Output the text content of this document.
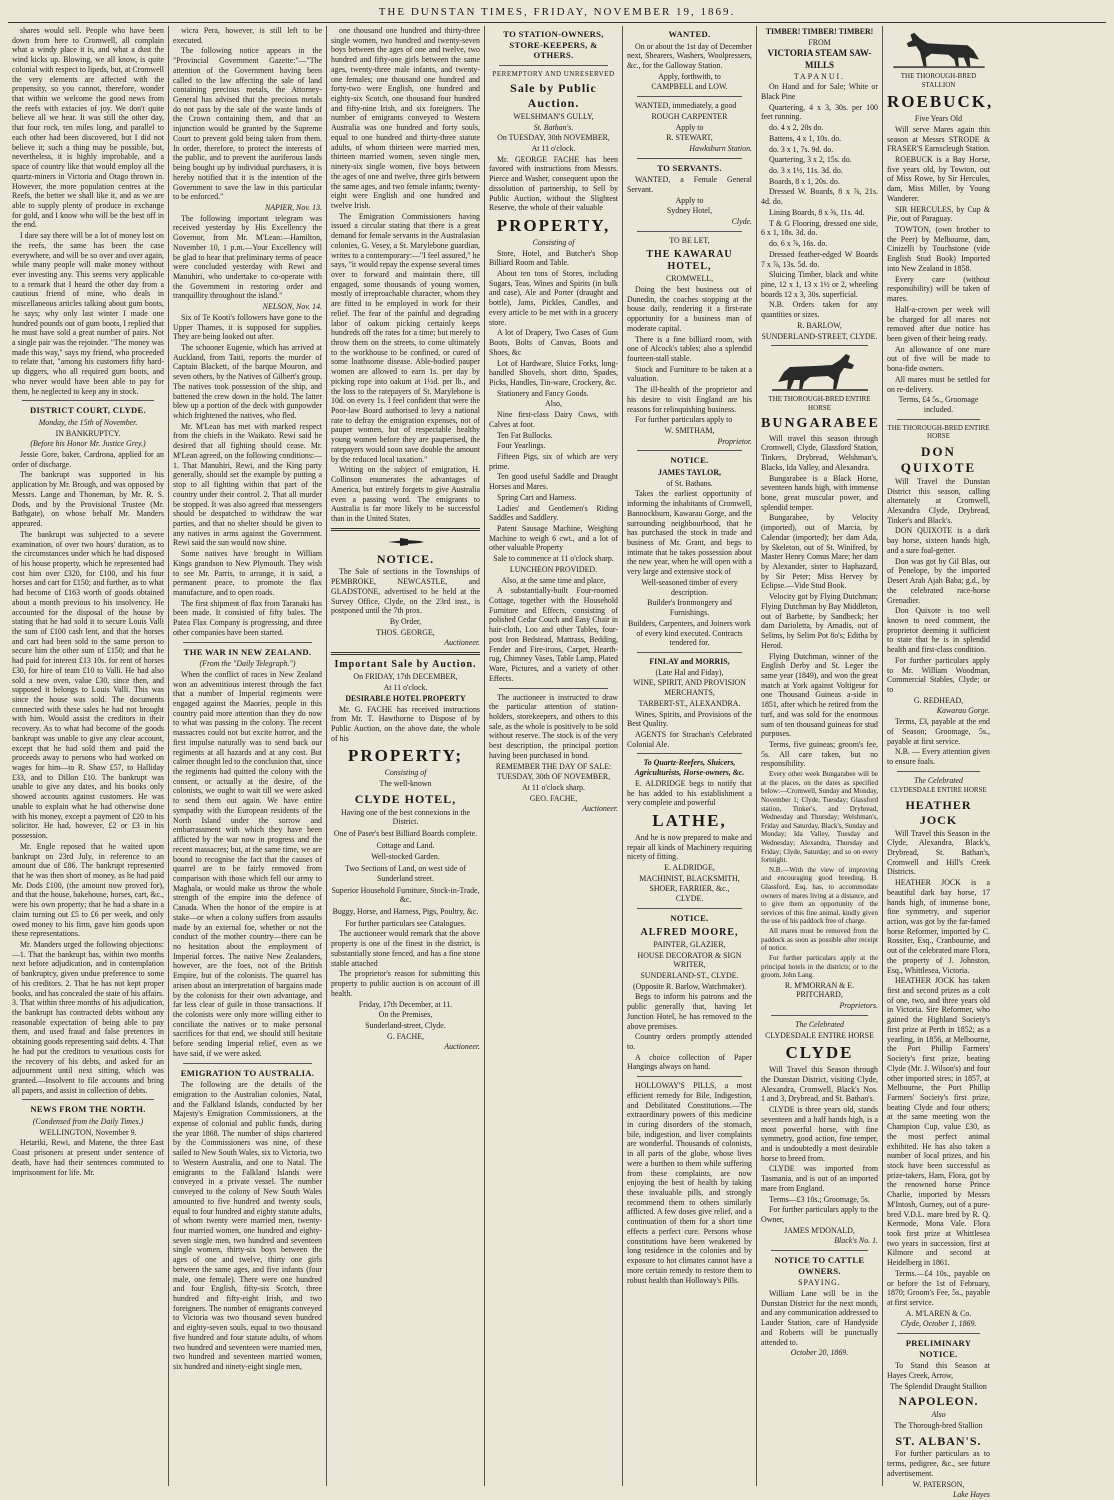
THE DUNSTAN TIMES, FRIDAY, NOVEMBER 19, 1869.

shares would sell. People who have been down from here to Cromwell, all complain what a windy place it is, and what a dust the wind kicks up. Blowing, we all know, is quite colonial with respect to lipeds, but, at Cromwell the very elements are affected with the propensity, so you cannot, therefore, wonder that within we welcome the good news from the reefs with extacies of joy. We don't quite believe all we hear. It was still the other day, that four rock, ten miles long, and parallel to each other had been discovered, but I did not believe it; such a thing may be possible, but, nevertheless, it is highly improbable, and a space of country like that would employ all the quartz-miners in Victoria and Otago thrown in. However, the more population centres at the Reefs, the better we shall like it, and as we are able to supply plenty of produce in exchange for gold, and I know who will be the best off in the end.

I dare say there will be a lot of money lost on the reefs, the same has been the case everywhere, and will be so over and over again, while many people will make money without ever investing any. This seems very applicable to a remark that I heard the other day from a cautious friend of mine, who deals in miscellaneous articles talking about gum boots, he says; why only last winter I made one hundred pounds out of gum boots, I replied that he must have sold a great number of pairs. Not a single pair was the rejoinder. "The money was made this way," says my friend, who proceeded to relate that, "among his customers fifty hard-up diggers, who all required gum boots, and who never would have been able to pay for them, he neglected to keep any in stock.

DISTRICT COURT, CLYDE.
Monday, the 15th of November.
IN BANKRUPTCY.
(Before his Honor Mr. Justice Grey.)

Jessie Gore, baker, Cardrona, applied for an order of discharge.

The bankrupt was supported in his application by Mr. Brough, and was opposed by Messrs. Lange and Thoneman, by Mr. R. S. Dods, and by the Provisional Trustee (Mr. Bathgate), on whose behalf Mr. Manders appeared.

The bankrupt was subjected to a severe examination, of over two hours' duration, as to the circumstances under which he had disposed of his house property, which he represented had cost him over £320, for £100, and his four horses and cart for £150; and further, as to what had become of £163 worth of goods obtained about a month previous to his insolvency. He accounted for the disposal of the house by stating that he had sold it to secure Louis Valli the sum of £100 cash lent, and that the horses and cart had been sold to the same person to secure him the other sum of £150; and that he had paid for interest £13 10s. for rent of horses £30, for hire of team £10 to Valli. He had also sold a new oven, value £30, since then, and supposed it belongs to Louis Valli. This was since the house was sold. The documents connected with these sales he had not brought with him. Would assist the creditors in their recovery. As to what had become of the goods bankrupt was unable to give any clear account, except that he had sold them and paid the proceeds away to persons who had worked on wages for him—to R. Shaw £57, to Halliday £33, and to Dillon £10. The bankrupt was unable to give any dates, and his books only showed accounts against customers. He was unable to explain what he had otherwise done with his money, except a payment of £20 to his solicitor. He had, however, £2 or £3 in his possession.

Mr. Engle reposed that he waited upon bankrupt on 23rd July, in reference to an amount due of £86. The bankrupt represented that he was then short of money, as he had paid Mr. Dods £100, (the amount now proved for), and that the house, bakehouse, horses, cart, &c., were his own property; that he had a share in a claim turning out £5 to £6 per week, and only owed money to his firm, gave him goods upon these representations.

Mr. Manders urged the following objections:—1. That the bankrupt has, within two months next before adjudication, and in contemplation of bankruptcy, given undue preference to some of his creditors. 2. That he has not kept proper books, and has concealed the state of his affairs. 3. That within three months of his adjudication, the bankrupt has contracted debts without any reasonable expectation of being able to pay them, and used fraud and false pretences in obtaining goods representing said debts. 4. That he had put the creditors to vexatious costs for the recovery of his debts, and asked for an adjournment until next sitting, which was granted.—Insolvent to file accounts and bring all papers, and assist in collection of debts.

NEWS FROM THE NORTH.
(Condensed from the Daily Times.)
WELLINGTON, November 9.

Hetariki, Rewi, and Matene, the three East Coast prisoners at present under sentence of death, have had their sentences commuted to imprisonment for life. Mr.

wicra Pera, however, is still left to be executed.

The following notice appears in the "Provincial Government Gazette:"—"The attention of the Government having been called to the law affecting the sale of land containing precious metals, the Attorney-General has advised that the precious metals do not pass by the sale of the waste lands of the Crown containing them, and that an injunction would be granted by the Supreme Court to prevent gold being taken from them. In order, therefore, to protect the interests of the public, and to prevent the auriferous lands being bought up by individual purchasers, it is hereby notified that it is the intention of the Government to save the law in this particular to be enforced."

NAPIER, Nov. 13.

The following important telegram was received yesterday by His Excellency the Governor, from Mr. M'Lean:—Hamilton, November 10, 1 p.m.—Your Excellency will be glad to hear that preliminary terms of peace were concluded yesterday with Rewi and Manuhiri, who undertake to co-operate with the Government in restoring order and tranquillity throughout the island."

NELSON, Nov. 14.

Six of Te Kooti's followers have gone to the Upper Thames, it is supposed for supplies. They are being looked out after.

The schooner Eugenie, which has arrived at Auckland, from Taiti, reports the murder of Captain Blackett, of the barque Mouron, and seven others, by the Natives of Gilbert's group. The natives took possession of the ship, and battened the crew down in the hold. The latter blew up a portion of the deck with gunpowder which frightened the natives, who fled.

Mr. M'Lean has met with marked respect from the chiefs in the Waikato. Rewi said he desired that all fighting should cease. Mr. M'Lean agreed, on the following conditions:—1. That Manuhiri, Rewi, and the King party generally, should set the example by putting a stop to all fighting within that part of the country under their control. 2. That all murder be stopped. It was also agreed that messengers should be despatched to withdraw the war parties, and that no shelter should be given to any natives in arms against the Government. Rewi said the sun would now shine.

Some natives have brought in William Kings grandson to New Plymouth. They wish to see Mr. Parris, to arrange, it is said, a permanent peace, to promote the flax manufacture, and to open roads.

The first shipment of flax from Taranaki has been made. It consisted of fifty bales. The Patea Flax Company is progressing, and three other companies have been started.

THE WAR IN NEW ZEALAND.
(From the "Daily Telegraph.")

When the conflict of races in New Zealand won an adventitious interest through the fact that a number of Imperial regiments were engaged against the Maories, people in this country paid more attention than they do now to what was passing in the colony. The recent massacres could not but excite horror, and the first impulse naturally was to send back our regiments at all hazards and at any cost. But calmer thought led to the conclusion that, since the regiments had quitted the colony with the consent, or actually at the desire, of the colonists, we ought to wait till we were asked to send them out again. We have entire sympathy with the European residents of the North Island under the sorrow and embarrassment with which they have been afflicted by the war now in progress and the recent massacres; but, at the same time, we are bound to recognise the fact that the causes of quarrel are to be fairly removed from comparison with those which fell our army to Maghala, or would make us throw the whole strength of the empire into the defence of Canada. When the honor of the empire is at stake—or when a colony suffers from assaults made by an external foe, whether or not the conduct of the mother country—there can be no hesitation about the employment of Imperial forces. The native New Zealanders, however, are the foes, not of the British Empire, but of the colonists. The quarrel has arisen about an interpretation of bargains made by the colonists for their own advantage, and far less clear of guile in those transactions. If the colonists were only more willing either to conciliate the natives or to make personal sacrifices for that end, we should still hesitate before sending Imperial relief, even as we have said, if we were asked.

EMIGRATION TO AUSTRALIA.

The following are the details of the emigration to the Australian colonies, Natal, and the Falkland Islands, conducted by her Majesty's Emigration Commissioners, at the expense of colonial and public funds, during the year 1868. The number of ships chartered by the Commissioners was nine, of these sailed to New South Wales, six to Victoria, two to Western Australia, and one to Natal. The emigrants to the Falkland Islands were conveyed in a private vessel. The number conveyed to the colony of New South Wales amounted to five hundred and twenty souls, equal to four hundred and eighty statute adults, of whom twenty were married men, twenty-four married women, one hundred and eighty-seven single men, two hundred and seventeen single women, thirty-six boys between the ages of one and twelve, thirty one girls between the same ages, and five infants (four male, one female). There were one hundred and four English, fifty-six Scotch, three hundred and fifty-eight Irish, and two foreigners. The number of emigrants conveyed to Victoria was two thousand seven hundred and eighty-seven souls, equal to two thousand five hundred and four statute adults, of whom two hundred and seventeen were married men, two hundred and seventeen married women, six hundred and ninety-eight single men,

one thousand one hundred and thirty-three single women, two hundred and twenty-seven boys between the ages of one and twelve, two hundred and fifty-one girls between the same ages, twenty-three male infants, and twenty-one females; one thousand one hundred and forty-two were English, one hundred and eighty-six Scotch, one thousand four hundred and fifty-nine Irish, and six foreigners. The number of emigrants conveyed to Western Australia was one hundred and forty souls, equal to one hundred and thirty-three statute adults, of whom thirteen were married men, thirteen married women, seven single men, ninety-six single women, five boys between the ages of one and twelve, three girls between the same ages, and two female infants; twenty-eight were English and one hundred and twelve Irish.

The Emigration Commissioners having issued a circular stating that there is a great demand for female servants in the Australasian colonies, G. Vesey, a St. Marylebone guardian, writes to a contemporary:—"I feel assured," he says, "it would repay the expense several times over to forward and maintain there, till engaged, some thousands of young women, mostly of irreproachable character, whom they are fitted to be employed in work for their relief. The fear of the painful and degrading labor of oakum picking certainly keeps hundreds off the rates for a time; but merely to throw them on the streets, to come ultimately to the workhouse to be confined, or cured of some loathsome disease. Able-bodied pauper women are allowed to earn 1s. per day by picking rope into oakum at 1½d. per lb., and the loss to the ratepayers of St. Marylebone is 10d. on every 1s. I feel confident that were the Poor-law Board authorised to levy a national rate to defray the emigration expenses, not of pauper women, but of respectable healthy young women before they are pauperised, the ratepayers would soon save double the amount by the reduced local taxation."

Writing on the subject of emigration, H. Collinson enumerates the advantages of America, but entirely forgets to give Australia even a passing word. The emigrants to Australia is far more likely to be successful than in the United States.

NOTICE.

The Sale of sections in the Townships of PEMBROKE, NEWCASTLE, and GLADSTONE, advertised to be held at the Survey Office, Clyde, on the 23rd inst., is postponed until the 7th prox.

By Order,
THOS. GEORGE,
Auctioneer.
Important Sale by Auction.
On FRIDAY, 17th DECEMBER,
At 11 o'clock.
DESIRABLE HOTEL PROPERTY

Mr. G. FACHE has received instructions from Mr. T. Hawthorne to Dispose of by Public Auction, on the above date, the whole of his

PROPERTY;
Consisting of
The well-known
CLYDE HOTEL,
Having one of the best connexions in the District.
One of Paser's best Billiard Boards complete.
Cottage and Land.
Well-stocked Garden.
Two Sections of Land, on west side of Sunderland street.
Superior Household Furniture, Stock-in-Trade, &c.
Buggy, Horse, and Harness, Pigs, Poultry, &c.
For further particulars see Catalogues.

The auctioneer would remark that the above property is one of the finest in the district, is substantially stone fenced, and has a fine stone stable attached

The proprietor's reason for submitting this property to public auction is on account of ill health.

Friday, 17th December, at 11.
On the Premises,
Sunderland-street, Clyde.
G. FACHE,
Auctioneer.
TO STATION-OWNERS, STORE-KEEPERS, & OTHERS.
PEREMPTORY AND UNRESERVED
Sale by Public Auction.
WELSHMAN'S GULLY,
St. Bathan's.
On TUESDAY, 30th NOVEMBER,
At 11 o'clock.

Mr. GEORGE FACHE has been favored with instructions from Messrs. Pierce and Washer, consequent upon the dissolution of partnership, to Sell by Public Auction, without the Slightest Reserve, the whole of their valuable

PROPERTY,
Consisting of

Store, Hotel, and Butcher's Shop Billiard Room and Table.

About ten tons of Stores, including Sugars, Teas, Wines and Spirits (in bulk and case), Ale and Porter (draught and bottle), Jams, Pickles, Candles, and every article to be met with in a grocery store.

A lot of Drapery, Two Cases of Gum Boots, Bolts of Canvas, Boots and Shoes, &c

Lot of Hardware, Sluice Forks, long-handled Shovels, short ditto, Spades, Picks, Handles, Tin-ware, Crockery, &c.

Stationery and Fancy Goods.

Also,

Nine first-class Dairy Cows, with Calves at foot.

Ten Fat Bullocks.

Four Yearlings.

Fifteen Pigs, six of which are very prime.

Ten good useful Saddle and Draught Horses and Mares.

Spring Cart and Harness.

Ladies' and Gentlemen's Riding Saddles and Saddlery.

Patent Sausage Machine, Weighing Machine to weigh 6 cwt., and a lot of other valuable Property

Sale to commence at 11 o'clock sharp.
LUNCHEON PROVIDED.
Also, at the same time and place,

A substantially-built Four-roomed Cottage, together with the Household Furniture and Effects, consisting of polished Cedar Couch and Easy Chair in hair-cloth, Loo and other Tables, four-post Iron Bedstead, Mattrass, Bedding, Fender and Fire-irons, Carpet, Hearth-rug, Chimney Vases, Table Lamp, Plated Ware, Pictures, and a variety of other Effects.

The auctioneer is instructed to draw the particular attention of station-holders, storekeepers, and others to this sale, as the whole is positively to be sold without reserve. The stock is of the very best description, the principal portion having been purchased in bond.

REMEMBER THE DAY OF SALE:
TUESDAY, 30th OF NOVEMBER,
At 11 o'clock sharp.
GEO. FACHE,
Auctioneer.
WANTED.

On or about the 1st day of December next, Shearers, Washers, Woolpressers, &c., for the Galloway Station.

Apply, forthwith, to
CAMPBELL and LOW.

WANTED, immediately, a good

ROUGH CARPENTER
Apply to
R. STEWART,
Hawksburn Station.
TO SERVANTS.

WANTED, a Female General Servant.

Apply to
Sydney Hotel,
Clyde.
TO BE LET,
THE KAWARAU HOTEL,
CROMWELL,

Doing the best business out of Dunedin, the coaches stopping at the house daily, rendering it a first-rate opportunity for a business man of moderate capital.

There is a fine billiard room, with one of Alcock's tables; also a splendid fourteen-stall stable.

Stock and Furniture to be taken at a valuation.

The ill-health of the proprietor and his desire to visit England are his reasons for relinquishing business.

For further particulars apply to

W. SMITHAM,
Proprietor.
NOTICE.
JAMES TAYLOR,
of St. Bathans.

Takes the earliest opportunity of informing the inhabitants of Cromwell, Bannockburn, Kawarau Gorge, and the surrounding neighbourhood, that he has purchased the stock in trade and business of Mr. Grant, and begs to intimate that he takes possession about the new year, when he will open with a very large and extensive stock of

Well-seasoned timber of every description.
Builder's Ironmongery and Furnishings.
Builders, Carpenters, and Joiners work of every kind executed. Contracts tendered for.
FINLAY and MORRIS,
(Late Hal and Fiday),
WINE, SPIRIT, AND PROVISION MERCHANTS,
TARBERT-ST., ALEXANDRA.

Wines, Spirits, and Provisions of the Best Quality.

AGENTS for Strachan's Celebrated Colonial Ale.

To Quartz-Reefers, Sluicers, Agriculturists, Horse-owners, &c.

E. ALDRIDGE begs to notify that he has added to his establishment a very complete and powerful

LATHE,

And he is now prepared to make and repair all kinds of Machinery requiring nicety of fitting.

E. ALDRIDGE,
MACHINIST, BLACKSMITH, SHOER, FARRIER, &c.,
CLYDE.
NOTICE.
ALFRED MOORE,
PAINTER, GLAZIER,
HOUSE DECORATOR & SIGN WRITER,
SUNDERLAND-ST., CLYDE.
(Opposite R. Barlow, Watchmaker).

Begs to inform his patrons and the public generally that, having let Junction Hotel, he has removed to the above premises.

Country orders promptly attended to.

A choice collection of Paper Hangings always on hand.

HOLLOWAY'S PILLS, a most efficient remedy for Bile, Indigestion, and Debilitated Constitutions.—The extraordinary powers of this medicine in curing disorders of the stomach, bile, indigestion, and liver complaints are wonderful. Thousands of colonists, in all parts of the globe, whose lives were a burthen to them while suffering from these complaints, are now enjoying the best of health by taking these invaluable pills, and strongly recommend them to others similarly afflicted. A few doses give relief, and a continuation of them for a short time effects a perfect cure. Persons whose constitutions have been weakened by long residence in the colonies and by exposure to hot climates cannot have a more certain remedy to restore them to robust health than Holloway's Pills.

TIMBER! TIMBER! TIMBER!
FROM
VICTORIA STEAM SAW-MILLS
TAPANUI.

On Hand and for Sale; White or Black Pine

Quartering, 4 x 3, 30s. per 100 feet running.

do. 4 x 2, 20s do.

Battens, 4 x 1, 10s. do.

do. 3 x 1, 7s. 9d. do.

Quartering, 3 x 2, 15s. do.

do. 3 x 1½, 11s. 3d. do.

Boards, 8 x 1, 20s. do.

Dressed W. Boards, 8 x ⅞, 21s. 4d. do.

Lining Boards, 8 x ⅝, 11s. 4d.

T & G Flooring, dressed one side, 6 x 1, 18s. 3d. do.

do. 6 x ⅞, 16s. do.

Dressed feather-edged W Boards 7 x ⅞, 13s. 5d. do.

Sluicing Timber, black and white pine, 12 x 1, 13 x 1½ or 2, wheeling boards 12 x 3, 30s. superficial.

N.B. Orders taken for any quantities or sizes.

R. BARLOW,
SUNDERLAND-STREET, CLYDE.
THE THOROUGH-BRED ENTIRE HORSE
BUNGARABEE

Will travel this season through Cromwell, Clyde, Glassford Station, Tinkers, Drybread, Welshman's, Blacks, Ida Valley, and Alexandra.

Bungarabee is a Black Horse, seventeen hands high, with immense bone, great muscular power, and splendid temper.

Bungarabee, by Velocity (imported), out of Marcia, by Calendar (imported); her dam Ada, by Skeleton, out of St. Winifred, by Master Henry Comus Mare; her dam by Alexander, sister to Haphazard, by Sir Peter; Miss Hervey by Eclipse.—Vide Stud Book.

Velocity got by Flying Dutchman; Flying Dutchman by Bay Middleton, out of Barbette, by Sandbeck; her dam Darioletta, by Amadis, out of Selims, by Selim Pot 8o's; Editha by Herod.

Flying Dutchman, winner of the English Derby and St. Leger the same year (1849), and won the great match at York against Voltigeur for one Thousand Guineas a-side in 1851, after which he retired from the turf, and was sold for the enormous sum of ten thousand guineas for stud purposes.

Terms, five guineas; groom's fee, 5s. All care taken, but no responsibility.

Every other week Bungarabee will be at the places, on the dates as specified below:—Cromwell, Sunday and Monday, November 1; Clyde, Tuesday; Glassford station, Tinker's, and Drybread, Wednesday and Thursday; Welshman's, Friday and Saturday, Black's, Sunday and Monday; Ida Valley, Tuesday and Wednesday; Alexandra, Thursday and Friday; Clyde, Saturday; and so on every fortnight.

N.B.—With the view of improving and encouraging good breeding, H. Glassford, Esq. has, to accommodate owners of mares living at a distance, and to give them an opportunity of the services of this fine animal, kindly given the use of his paddock free of charge.

All mares must be removed from the paddock as soon as possible after receipt of notice.

For further particulars apply at the principal hotels in the districts; or to the groom, John Lang.

R. M'MORRAN & E. PRITCHARD,
Proprietors.
The Celebrated
CLYDESDALE ENTIRE HORSE
CLYDE

Will Travel this Season through the Dunstan District, visiting Clyde, Alexandra, Cromwell, Black's Nos. 1 and 3, Drybread, and St. Bathan's.

CLYDE is three years old, stands seventeen and a half hands high, is a most powerful horse, with fine symmetry, good action, fine temper, and is undoubtedly a most desirable horse to breed from.

CLYDE was imported from Tasmania, and is out of an imported mare from England.

Terms—£3 10s.; Groomage, 5s.

For further particulars apply to the Owner,

JAMES M'DONALD,
Black's No. 1.
NOTICE TO CATTLE OWNERS.
SPAYING.

William Lane will be in the Dunstan District for the next month, and any communication addressed to Lauder Station, care of Handyside and Roberts will be punctually attended to.

October 20, 1869.
THE THOROUGH-BRED STALLION
ROEBUCK,
Five Years Old

Will serve Mares again this season at Messrs STRODE & FRASER'S Earnscleugh Station.

ROEBUCK is a Bay Horse, five years old, by Towton, out of Miss Rowe, by Sir Hercules, dam, Miss Miller, by Young Wanderer.

SIR HERCULES, by Cup & Pie, out of Paraguay.

TOWTON, (own brother to the Peer) by Melbourne, dam, Cinizelli by Touchstone (vide English Stud Book) Imported into New Zealand in 1858.

Every care (without responsibility) will be taken of mares.

Half-a-crown per week will be charged for all mares not removed after due notice has been given of their being ready.

An allowance of one mare out of five will be made to bona-fide owners.

All mares must be settled for on re-delivery.

Terms, £4 5s., Groomage included.
THE THOROUGH-BRED ENTIRE HORSE
DON QUIXOTE

Will Travel the Dunstan District this season, calling alternately at Cromwell, Alexandra Clyde, Drybread, Tinker's and Black's.

DON QUIXOTE is a dark bay horse, sixteen hands high, and a sure foal-getter.

Don was got by Gil Blas, out of Penelope, by the imported Desert Arab Ajah Baba; g.d., by the celebrated race-horse Grenadier.

Don Quixote is too well known to need comment, the proprietor deeming it sufficient to state that he is in splendid health and first-class condition.

For further particulars apply to Mr. William Woodman, Commercial Stables, Clyde; or to

G. REDHEAD,
Kawarau Gorge.

Terms, £3, payable at the end of Season; Groomage, 5s., payable at first service.

N.B. — Every attention given to ensure foals.

The Celebrated
CLYDESDALE ENTIRE HORSE
HEATHER JOCK

Will Travel this Season in the Clyde, Alexandra, Black's, Drybread, St. Bathan's, Cromwell and Hill's Creek Districts.

HEATHER JOCK is a beautiful dark bay horse, 17 hands high, of immense bone, fine symmetry, and superior action, was got by the far-famed horse Reformer, imported by C. Rossiter, Esq., Cranbourne, and out of the celebrated mare Flora, the property of J. Johnston, Esq., Whittlesea, Victoria.

HEATHER JOCK has taken first and second prizes as a colt of one, two, and three years old in Victoria. Sire Reformer, who gained the Highland Society's first prize at Perth in 1852; as a yearling, in 1856, at Melbourne, the Port Phillip Farmers' Society's first prize, beating Clyde (Mr. J. Wilson's) and four other imported sires; in 1857, at Melbourne, the Port Phillip Farmers' Society's first prize, beating Clyde and four others; at the same meeting won the Champion Cup, value £30, as the most perfect animal exhibited. He has also taken a number of local prizes, and his stock have been successful as prize-takers, Ham, Flora, got by the renowned horse Prince Charlie, imported by Messrs M'Intosh, Gurney, out of a pure-bred V.D.L. mare bred by R. Q. Kermode, Mona Vale. Flora took first prize at Whittlesea two years in succession, first at Kilmore and second at Heidelberg in 1861.

Terms.—£4 10s., payable on or before the 1st of February, 1870; Groom's Fee, 5s., payable at first service.

A. M'LAREN & Co.
Clyde, October 1, 1869.
PRELIMINARY NOTICE.

To Stand this Season at Hayes Creek, Arrow,

The Splendid Draught Stallion
NAPOLEON.
Also
The Thorough-bred Stallion
ST. ALBAN'S.

For further particulars as to terms, pedigree, &c., see future advertisement.

W. PATERSON,
Lake Hayes
